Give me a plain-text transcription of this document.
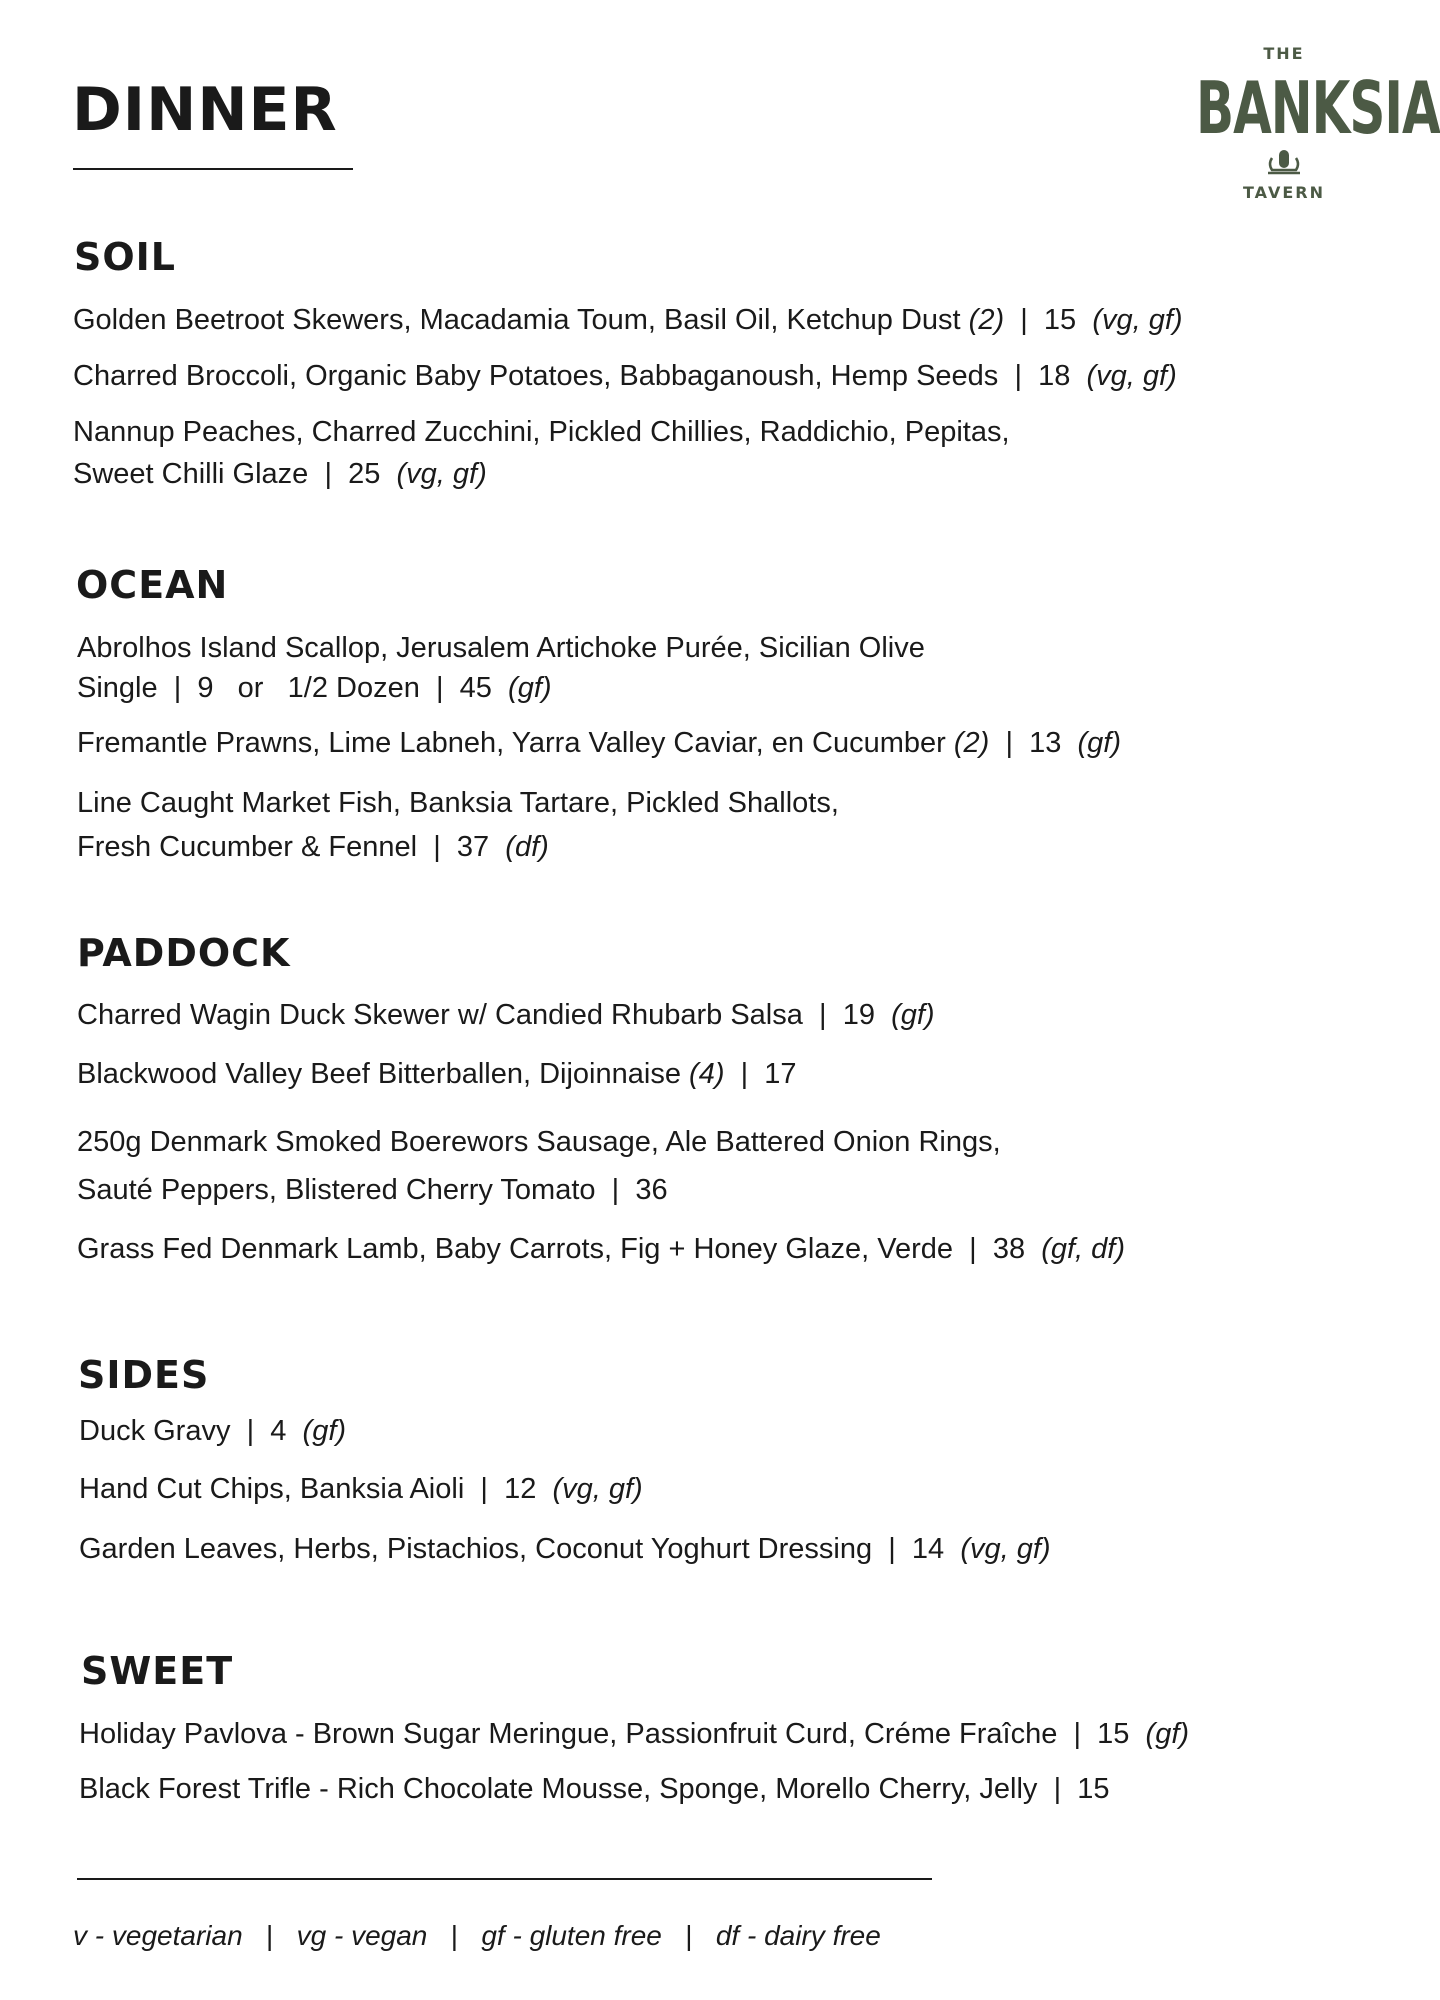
DINNER
THE
BANKSIA
TAVERN
SOIL

Golden Beetroot Skewers, Macadamia Toum, Basil Oil, Ketchup Dust (2) | 15 (vg, gf)

Charred Broccoli, Organic Baby Potatoes, Babbaganoush, Hemp Seeds | 18 (vg, gf)

Nannup Peaches, Charred Zucchini, Pickled Chillies, Raddichio, Pepitas,
Sweet Chilli Glaze | 25 (vg, gf)

OCEAN

Abrolhos Island Scallop, Jerusalem Artichoke Purée, Sicilian Olive
Single  |  9   or   1/2 Dozen | 45 (gf)

Fremantle Prawns, Lime Labneh, Yarra Valley Caviar, en Cucumber (2) | 13 (gf)

Line Caught Market Fish, Banksia Tartare, Pickled Shallots,
Fresh Cucumber & Fennel | 37 (df)

PADDOCK

Charred Wagin Duck Skewer w/ Candied Rhubarb Salsa | 19 (gf)

Blackwood Valley Beef Bitterballen, Dijoinnaise (4) | 17

250g Denmark Smoked Boerewors Sausage, Ale Battered Onion Rings,
Sauté Peppers, Blistered Cherry Tomato | 36

Grass Fed Denmark Lamb, Baby Carrots, Fig + Honey Glaze, Verde | 38 (gf, df)

SIDES

Duck Gravy | 4 (gf)

Hand Cut Chips, Banksia Aioli | 12 (vg, gf)

Garden Leaves, Herbs, Pistachios, Coconut Yoghurt Dressing | 14 (vg, gf)

SWEET

Holiday Pavlova - Brown Sugar Meringue, Passionfruit Curd, Créme Fraîche | 15 (gf)

Black Forest Trifle - Rich Chocolate Mousse, Sponge, Morello Cherry, Jelly | 15

v - vegetarian | vg - vegan | gf - gluten free | df - dairy free
